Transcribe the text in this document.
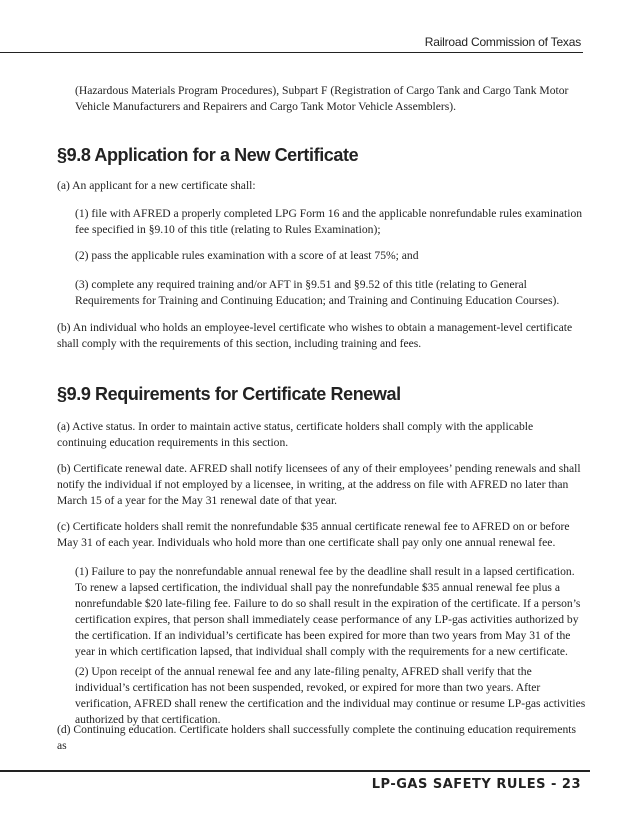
Railroad Commission of Texas

(Hazardous Materials Program Procedures), Subpart F (Registration of Cargo Tank and Cargo Tank Motor Vehicle Manufacturers and Repairers and Cargo Tank Motor Vehicle Assemblers).

§9.8 Application for a New Certificate

(a) An applicant for a new certificate shall:

(1) file with AFRED a properly completed LPG Form 16 and the applicable nonrefundable rules examination fee specified in §9.10 of this title (relating to Rules Examination);

(2) pass the applicable rules examination with a score of at least 75%; and

(3) complete any required training and/or AFT in §9.51 and §9.52 of this title (relating to General Requirements for Training and Continuing Education; and Training and Continuing Education Courses).

(b) An individual who holds an employee-level certificate who wishes to obtain a management-level certificate shall comply with the requirements of this section, including training and fees.

§9.9 Requirements for Certificate Renewal

(a) Active status. In order to maintain active status, certificate holders shall comply with the applicable continuing education requirements in this section.

(b) Certificate renewal date. AFRED shall notify licensees of any of their employees’ pending renewals and shall notify the individual if not employed by a licensee, in writing, at the address on file with AFRED no later than March 15 of a year for the May 31 renewal date of that year.

(c) Certificate holders shall remit the nonrefundable $35 annual certificate renewal fee to AFRED on or before May 31 of each year. Individuals who hold more than one certificate shall pay only one annual renewal fee.

(1) Failure to pay the nonrefundable annual renewal fee by the deadline shall result in a lapsed certification.
To renew a lapsed certification, the individual shall pay the nonrefundable $35 annual renewal fee plus a nonrefundable $20 late-filing fee. Failure to do so shall result in the expiration of the certificate. If a person’s certification expires, that person shall immediately cease performance of any LP-gas activities authorized by the certification. If an individual’s certificate has been expired for more than two years from May 31 of the year in which certification lapsed, that individual shall comply with the requirements for a new certificate.

(2) Upon receipt of the annual renewal fee and any late-filing penalty, AFRED shall verify that the individual’s certification has not been suspended, revoked, or expired for more than two years. After verification, AFRED shall renew the certification and the individual may continue or resume LP-gas activities authorized by that certification.

(d) Continuing education. Certificate holders shall successfully complete the continuing education requirements as

LP-GAS SAFETY RULES - 23
